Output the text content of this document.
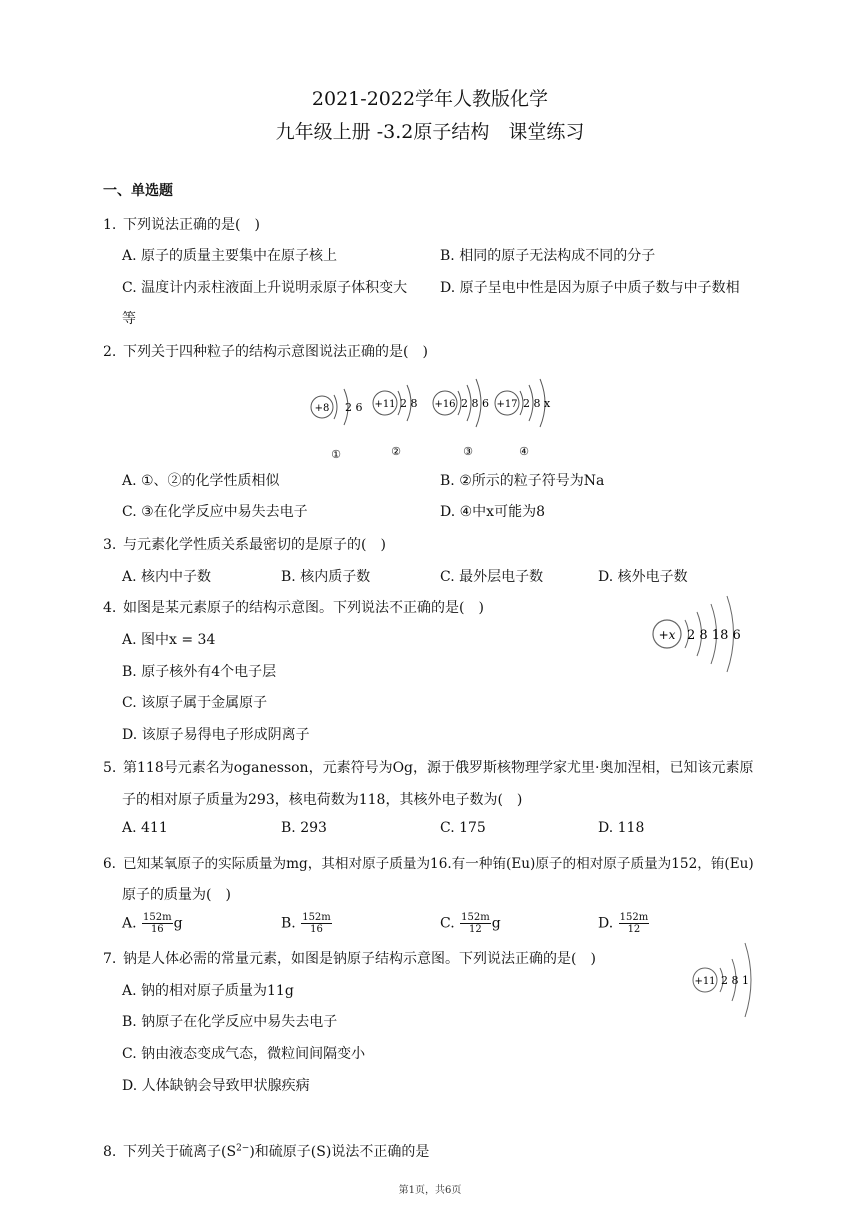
2021-2022学年人教版化学
九年级上册 -3.2原子结构　课堂练习
一、单选题
1. 下列说法正确的是(　)
A. 原子的质量主要集中在原子核上	B. 相同的原子无法构成不同的分子
C. 温度计内汞柱液面上升说明汞原子体积变大 D. 原子呈电中性是因为原子中质子数与中子数相
等
2. 下列关于四种粒子的结构示意图说法正确的是(　)
+8 2 6
①
+11 2 8
②
+16 2 8 6
③
+17 2 8 x
④
A. ①、②的化学性质相似	B. ②所示的粒子符号为Na
C. ③在化学反应中易失去电子	D. ④中x可能为8
3. 与元素化学性质关系最密切的是原子的(　)
A. 核内中子数	B. 核内质子数	C. 最外层电子数	D. 核外电子数
4. 如图是某元素原子的结构示意图。下列说法不正确的是(　)
A. 图中x = 34
B. 原子核外有4个电子层
C. 该原子属于金属原子
D. 该原子易得电子形成阴离子
+x 2 8 18 6
5. 第118号元素名为oganesson，元素符号为Og，源于俄罗斯核物理学家尤里·奥加涅相，已知该元素原
子的相对原子质量为293，核电荷数为118，其核外电子数为(　)
A. 411	B. 293	C. 175	D. 118
6. 已知某氧原子的实际质量为mg，其相对原子质量为16.有一种铕(Eu)原子的相对原子质量为152，铕(Eu)
原子的质量为(　)
A. $\frac{152m}{16}$ g	B. $\frac{152m}{16}$	C. $\frac{152m}{12}$ g	D. $\frac{152m}{12}$
7. 钠是人体必需的常量元素，如图是钠原子结构示意图。下列说法正确的是(　)
A. 钠的相对原子质量为11g
B. 钠原子在化学反应中易失去电子
C. 钠由液态变成气态，微粒间间隔变小
D. 人体缺钠会导致甲状腺疾病
+11 2 8 1
8. 下列关于硫离子$(S^{2-})$和硫原子(S)说法不正确的是
第1页，共6页
